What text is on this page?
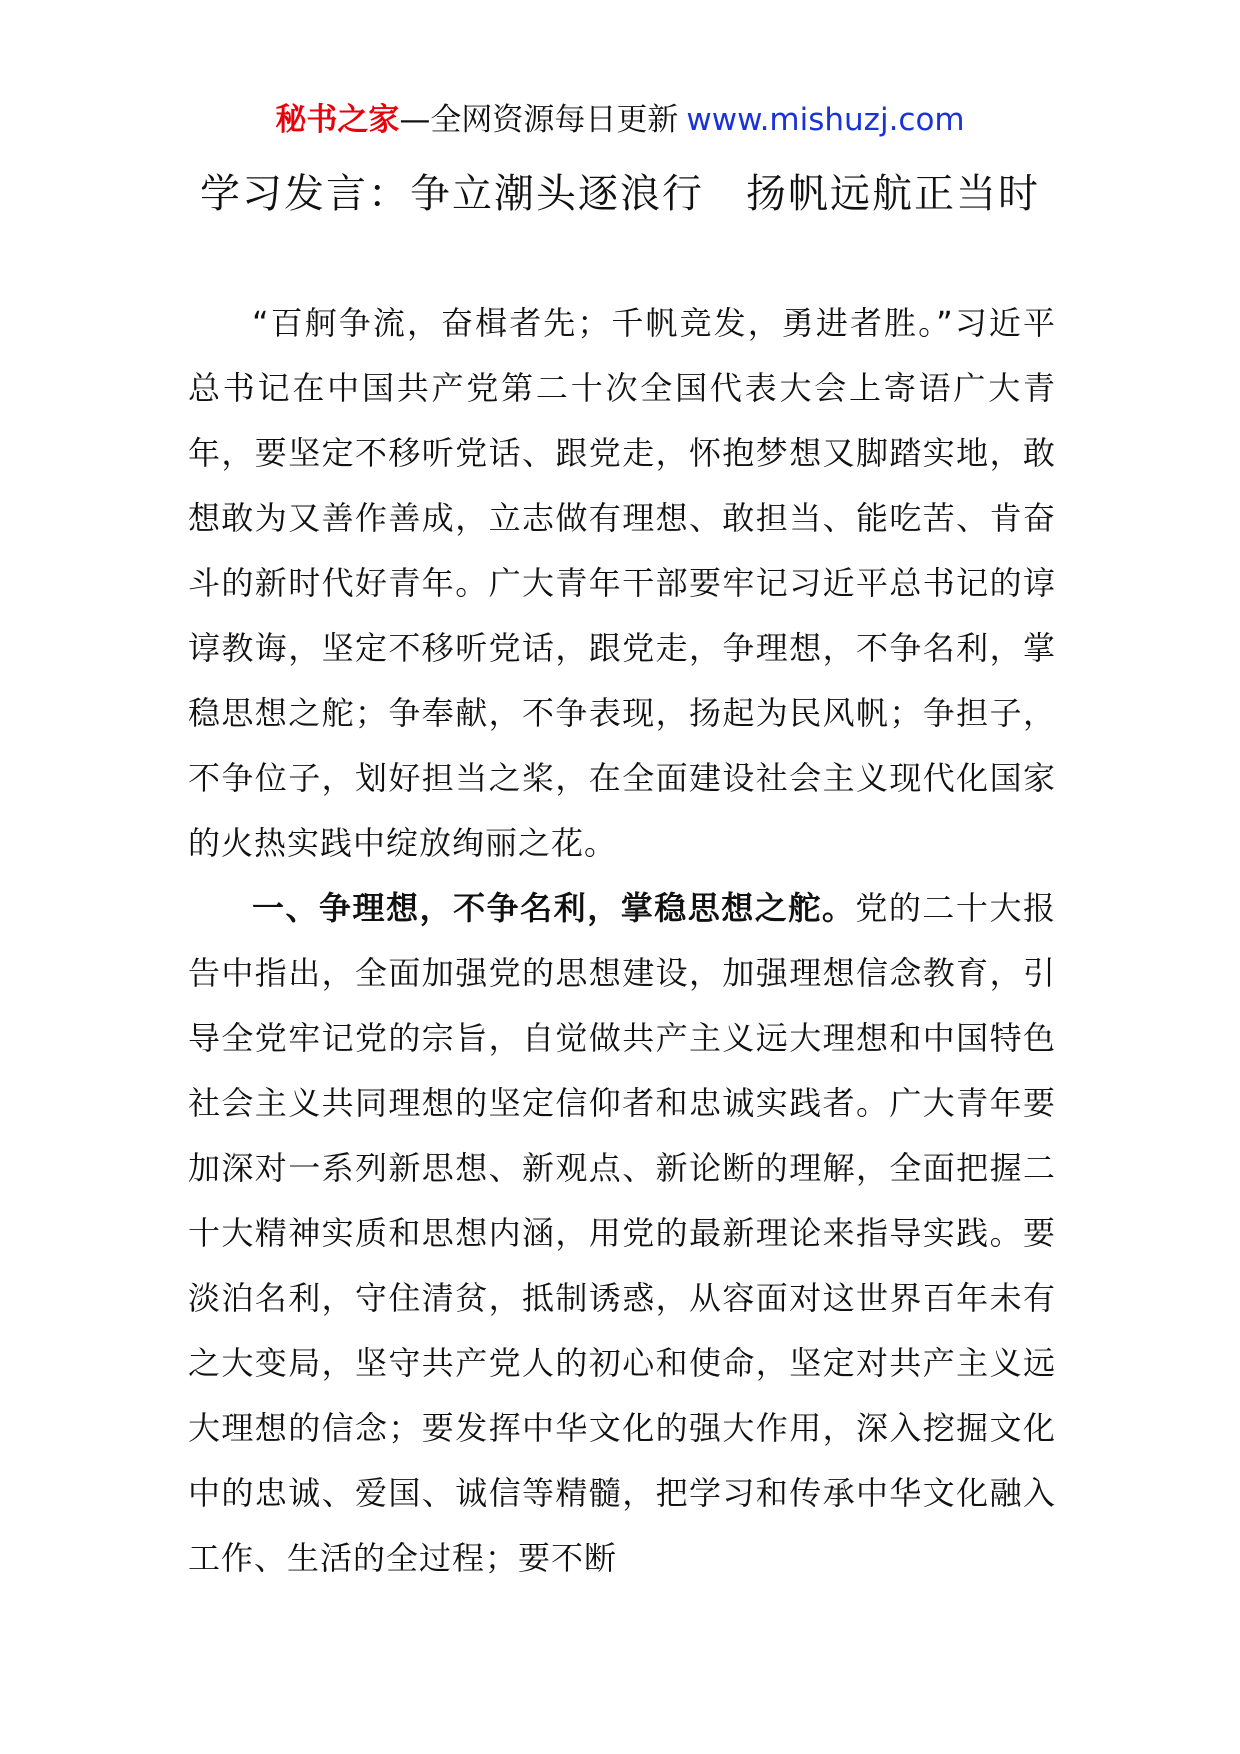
秘书之家—全网资源每日更新 www.mishuzj.com
学习发言：争立潮头逐浪行　扬帆远航正当时

“百舸争流，奋楫者先；千帆竞发，勇进者胜。”习近平总书记在中国共产党第二十次全国代表大会上寄语广大青年，要坚定不移听党话、跟党走，怀抱梦想又脚踏实地，敢想敢为又善作善成，立志做有理想、敢担当、能吃苦、肯奋斗的新时代好青年。广大青年干部要牢记习近平总书记的谆谆教诲，坚定不移听党话，跟党走，争理想，不争名利，掌稳思想之舵；争奉献，不争表现，扬起为民风帆；争担子，不争位子，划好担当之桨，在全面建设社会主义现代化国家的火热实践中绽放绚丽之花。

一、争理想，不争名利，掌稳思想之舵。党的二十大报告中指出，全面加强党的思想建设，加强理想信念教育，引导全党牢记党的宗旨，自觉做共产主义远大理想和中国特色社会主义共同理想的坚定信仰者和忠诚实践者。广大青年要加深对一系列新思想、新观点、新论断的理解，全面把握二十大精神实质和思想内涵，用党的最新理论来指导实践。要淡泊名利，守住清贫，抵制诱惑，从容面对这世界百年未有之大变局，坚守共产党人的初心和使命，坚定对共产主义远大理想的信念；要发挥中华文化的强大作用，深入挖掘文化中的忠诚、爱国、诚信等精髓，把学习和传承中华文化融入工作、生活的全过程；要不断
